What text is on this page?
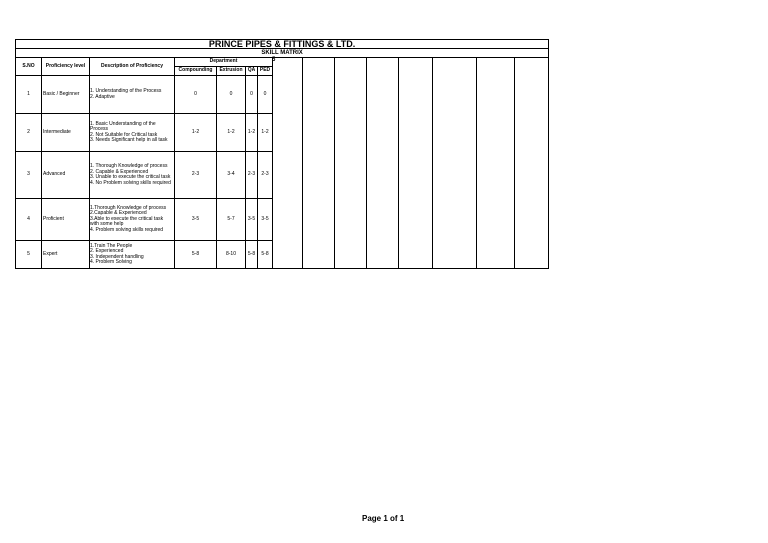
PRINCE PIPES & FITTINGS & LTD.														
SKILL MATRIX														
S.NO	Proficiency level	Description of Proficiency	Department				5							
			Compounding	Extrusion	QA	PED								
1	Basic / Beginner	1. Understanding of the Process
2. Adaptive	0	0	0	0								
2	Intermediate	1. Basic Understanding of the
Process
2. Not Suitable for Critical task
3. Needs Significant help in all task	1-2	1-2	1-2	1-2								
3	Advanced	1. Thorough Knowledge of process
2. Capable & Experienced
3. Unable to execute the critical task
4. No Problem solving skills required	2-3	3-4	2-3	2-3								
4	Proficient	1.Thorough Knowledge of process
2.Capable & Experienced
3.Able to execute the critical task
with some help
4. Problem solving skills required	3-5	5-7	3-5	3-5								
5	Expert	1.Train The People
2. Experienced
3. Independent handling
4. Problem Solving	5-8	8-10	5-8	5-8								
Page 1 of 1
